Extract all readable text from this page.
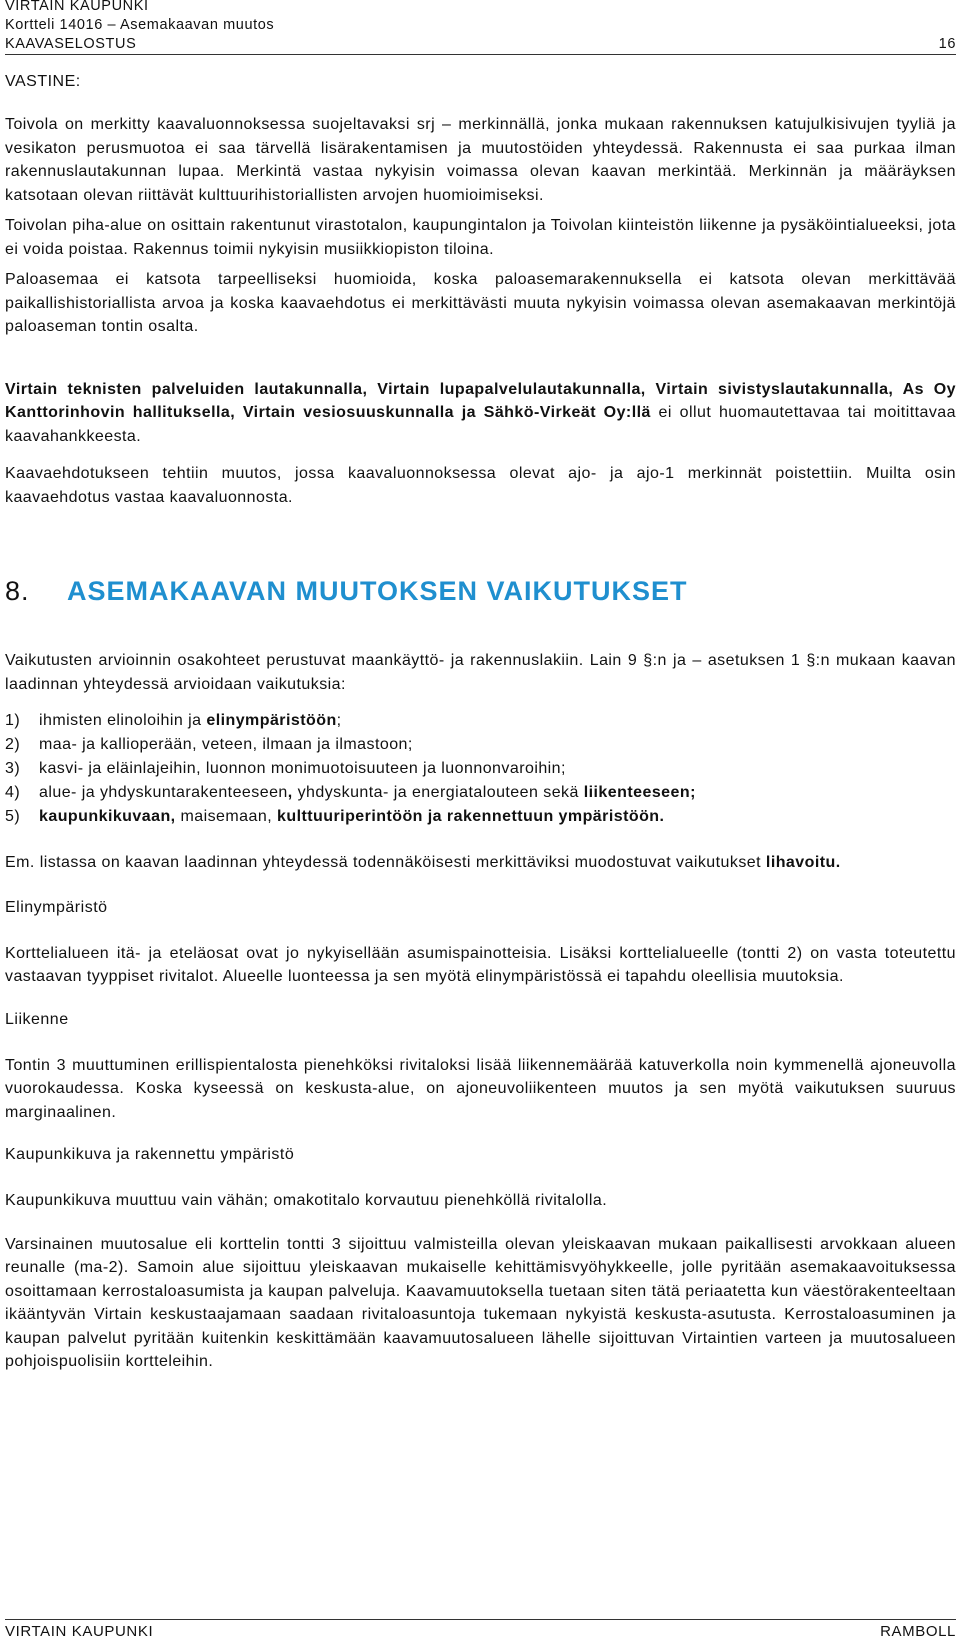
VIRTAIN KAUPUNKI
Kortteli 14016 – Asemakaavan muutos
KAAVASELOSTUS	16
VASTINE:

Toivola on merkitty kaavaluonnoksessa suojeltavaksi srj – merkinnällä, jonka mukaan rakennuksen katujulkisivujen tyyliä ja vesikaton perusmuotoa ei saa tärvellä lisärakentamisen ja muutostöiden yhteydessä. Rakennusta ei saa purkaa ilman rakennuslautakunnan lupaa. Merkintä vastaa nykyisin voimassa olevan kaavan merkintää. Merkinnän ja määräyksen katsotaan olevan riittävät kulttuurihistoriallisten arvojen huomioimiseksi.

Toivolan piha-alue on osittain rakentunut virastotalon, kaupungintalon ja Toivolan kiinteistön liikenne ja pysäköintialueeksi, jota ei voida poistaa. Rakennus toimii nykyisin musiikkiopiston tiloina.

Paloasemaa ei katsota tarpeelliseksi huomioida, koska paloasemarakennuksella ei katsota olevan merkittävää paikallishistoriallista arvoa ja koska kaavaehdotus ei merkittävästi muuta nykyisin voimassa olevan asemakaavan merkintöjä paloaseman tontin osalta.

Virtain teknisten palveluiden lautakunnalla, Virtain lupapalvelulautakunnalla, Virtain sivistyslautakunnalla, As Oy Kanttorinhovin hallituksella, Virtain vesiosuuskunnalla ja Sähkö-Virkeät Oy:llä ei ollut huomautettavaa tai moitittavaa kaavahankkeesta.

Kaavaehdotukseen tehtiin muutos, jossa kaavaluonnoksessa olevat ajo- ja ajo-1 merkinnät poistettiin. Muilta osin kaavaehdotus vastaa kaavaluonnosta.

8.	ASEMAKAAVAN MUUTOKSEN VAIKUTUKSET

Vaikutusten arvioinnin osakohteet perustuvat maankäyttö- ja rakennuslakiin. Lain 9 §:n ja – asetuksen 1 §:n mukaan kaavan laadinnan yhteydessä arvioidaan vaikutuksia:

1)	ihmisten elinoloihin ja elinympäristöön;
2)	maa- ja kallioperään, veteen, ilmaan ja ilmastoon;
3)	kasvi- ja eläinlajeihin, luonnon monimuotoisuuteen ja luonnonvaroihin;
4)	alue- ja yhdyskuntarakenteeseen, yhdyskunta- ja energiatalouteen sekä liikenteeseen;
5)	kaupunkikuvaan, maisemaan, kulttuuriperintöön ja rakennettuun ympäristöön.

Em. listassa on kaavan laadinnan yhteydessä todennäköisesti merkittäviksi muodostuvat vaikutukset lihavoitu.

Elinympäristö

Korttelialueen itä- ja eteläosat ovat jo nykyisellään asumispainotteisia. Lisäksi korttelialueelle (tontti 2) on vasta toteutettu vastaavan tyyppiset rivitalot. Alueelle luonteessa ja sen myötä elinympäristössä ei tapahdu oleellisia muutoksia.

Liikenne

Tontin 3 muuttuminen erillispientalosta pienehköksi rivitaloksi lisää liikennemäärää katuverkolla noin kymmenellä ajoneuvolla vuorokaudessa. Koska kyseessä on keskusta-alue, on ajoneuvoliikenteen muutos ja sen myötä vaikutuksen suuruus marginaalinen.

Kaupunkikuva ja rakennettu ympäristö

Kaupunkikuva muuttuu vain vähän; omakotitalo korvautuu pienehköllä rivitalolla.

Varsinainen muutosalue eli korttelin tontti 3 sijoittuu valmisteilla olevan yleiskaavan mukaan paikallisesti arvokkaan alueen reunalle (ma-2). Samoin alue sijoittuu yleiskaavan mukaiselle kehittämisvyöhykkeelle, jolle pyritään asemakaavoituksessa osoittamaan kerrostaloasumista ja kaupan palveluja. Kaavamuutoksella tuetaan siten tätä periaatetta kun väestörakenteeltaan ikääntyvän Virtain keskustaajamaan saadaan rivitaloasuntoja tukemaan nykyistä keskusta-asutusta. Kerrostaloasuminen ja kaupan palvelut pyritään kuitenkin keskittämään kaavamuutosalueen lähelle sijoittuvan Virtaintien varteen ja muutosalueen pohjoispuolisiin kortteleihin.

VIRTAIN KAUPUNKI	RAMBOLL
